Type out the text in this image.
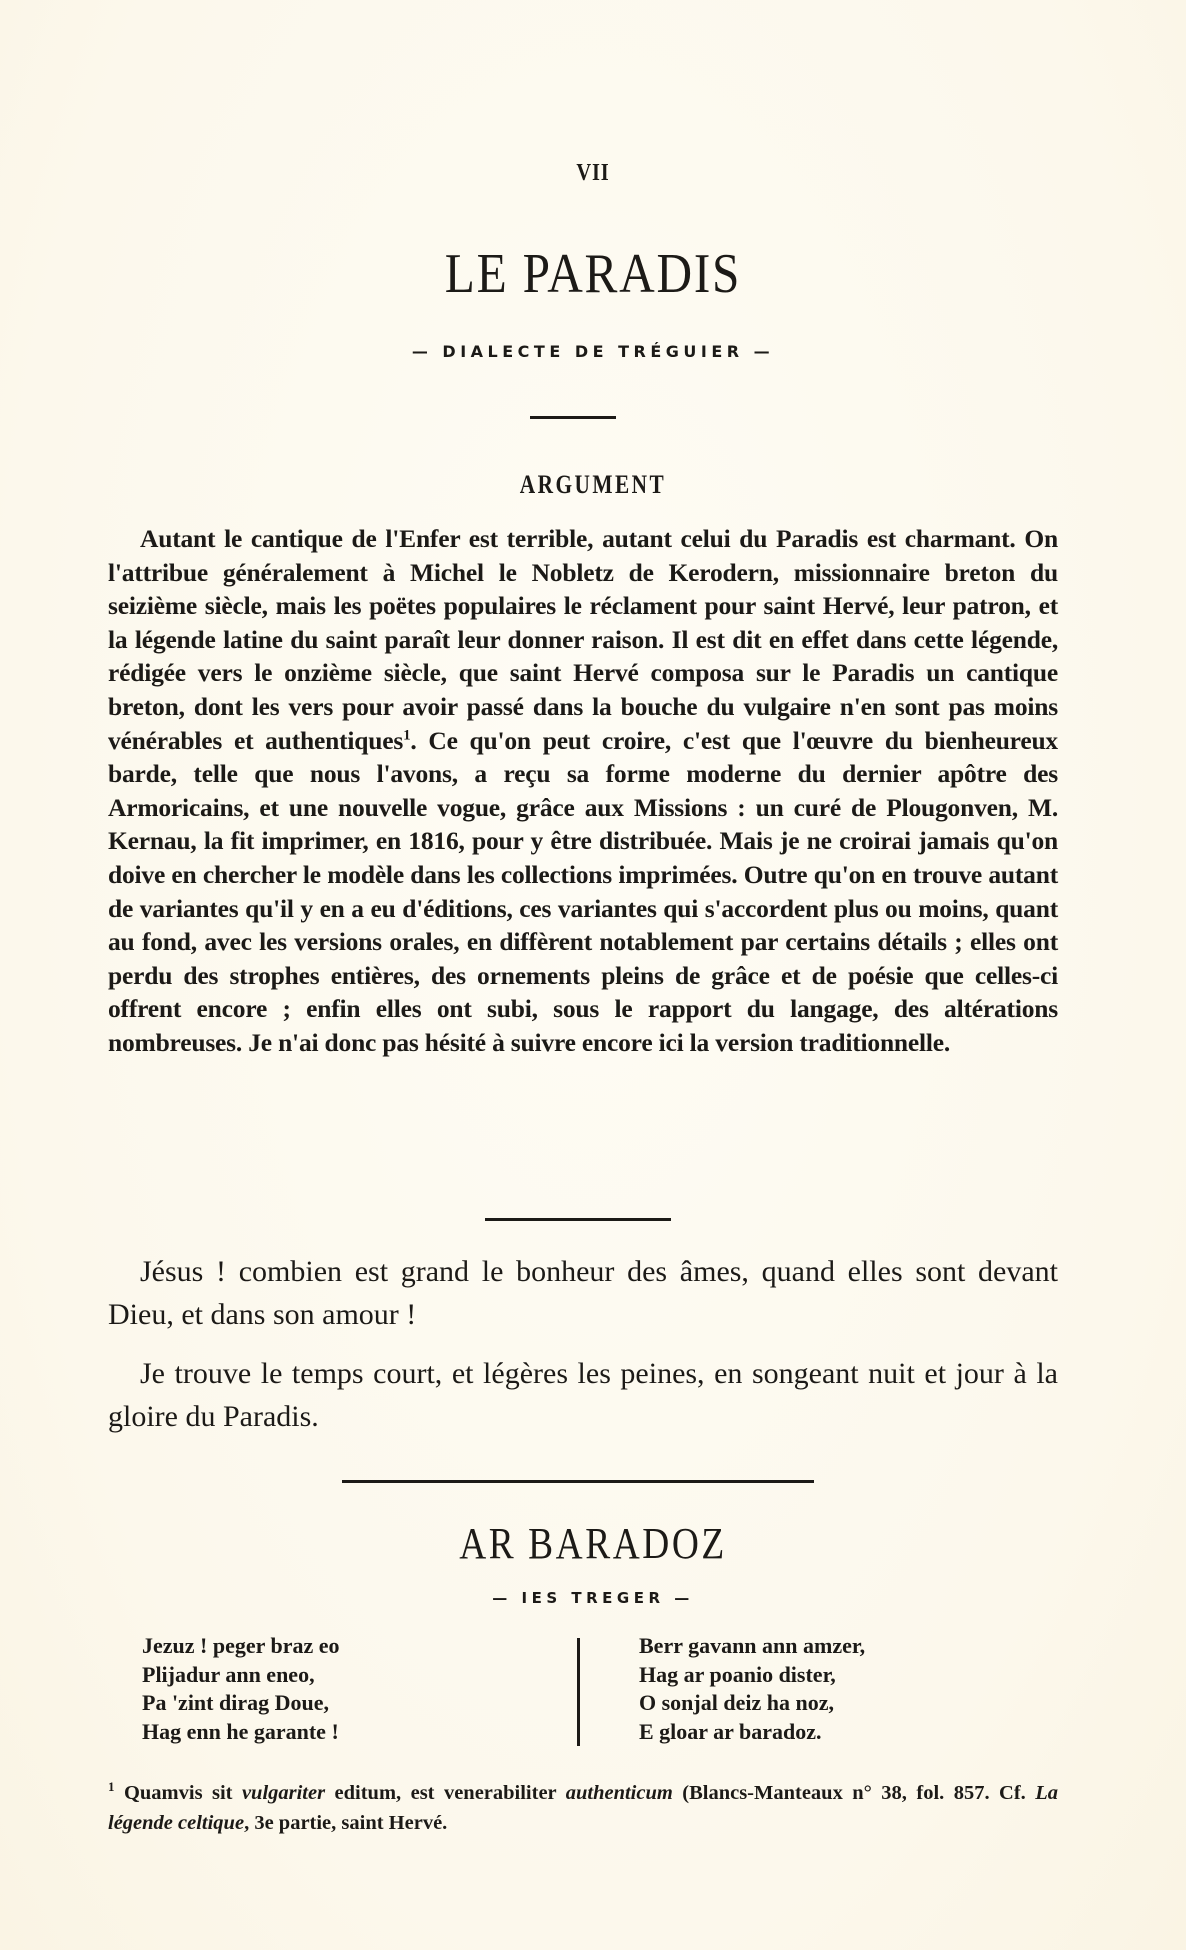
VII
LE PARADIS
— DIALECTE DE TRÉGUIER —
ARGUMENT
Autant le cantique de l'Enfer est terrible, autant celui du Paradis est charmant. On l'attribue généralement à Michel le Nobletz de Kerodern, missionnaire breton du seizième siècle, mais les poëtes populaires le réclament pour saint Hervé, leur patron, et la légende latine du saint paraît leur donner raison. Il est dit en effet dans cette légende, rédigée vers le onzième siècle, que saint Hervé composa sur le Paradis un cantique breton, dont les vers pour avoir passé dans la bouche du vulgaire n'en sont pas moins vénérables et authentiques$^1$. Ce qu'on peut croire, c'est que l'œuvre du bienheureux barde, telle que nous l'avons, a reçu sa forme moderne du dernier apôtre des Armoricains, et une nouvelle vogue, grâce aux Missions : un curé de Plougonven, M. Kernau, la fit imprimer, en 1816, pour y être distribuée. Mais je ne croirai jamais qu'on doive en chercher le modèle dans les collections imprimées. Outre qu'on en trouve autant de variantes qu'il y en a eu d'éditions, ces variantes qui s'accordent plus ou moins, quant au fond, avec les versions orales, en diffèrent notablement par certains détails ; elles ont perdu des strophes entières, des ornements pleins de grâce et de poésie que celles-ci offrent encore ; enfin elles ont subi, sous le rapport du langage, des altérations nombreuses. Je n'ai donc pas hésité à suivre encore ici la version traditionnelle.
Jésus ! combien est grand le bonheur des âmes, quand elles sont devant Dieu, et dans son amour !
Je trouve le temps court, et légères les peines, en songeant nuit et jour à la gloire du Paradis.
AR BARADOZ
— IES TREGER —
Jezuz ! peger braz eo
Plijadur ann eneo,
Pa 'zint dirag Doue,
Hag enn he garante !
Berr gavann ann amzer,
Hag ar poanio dister,
O sonjal deiz ha noz,
E gloar ar baradoz.
$^1$ Quamvis sit vulgariter editum, est venerabiliter authenticum (Blancs-Manteaux n° 38, fol. 857. Cf. La légende celtique, 3e partie, saint Hervé.
